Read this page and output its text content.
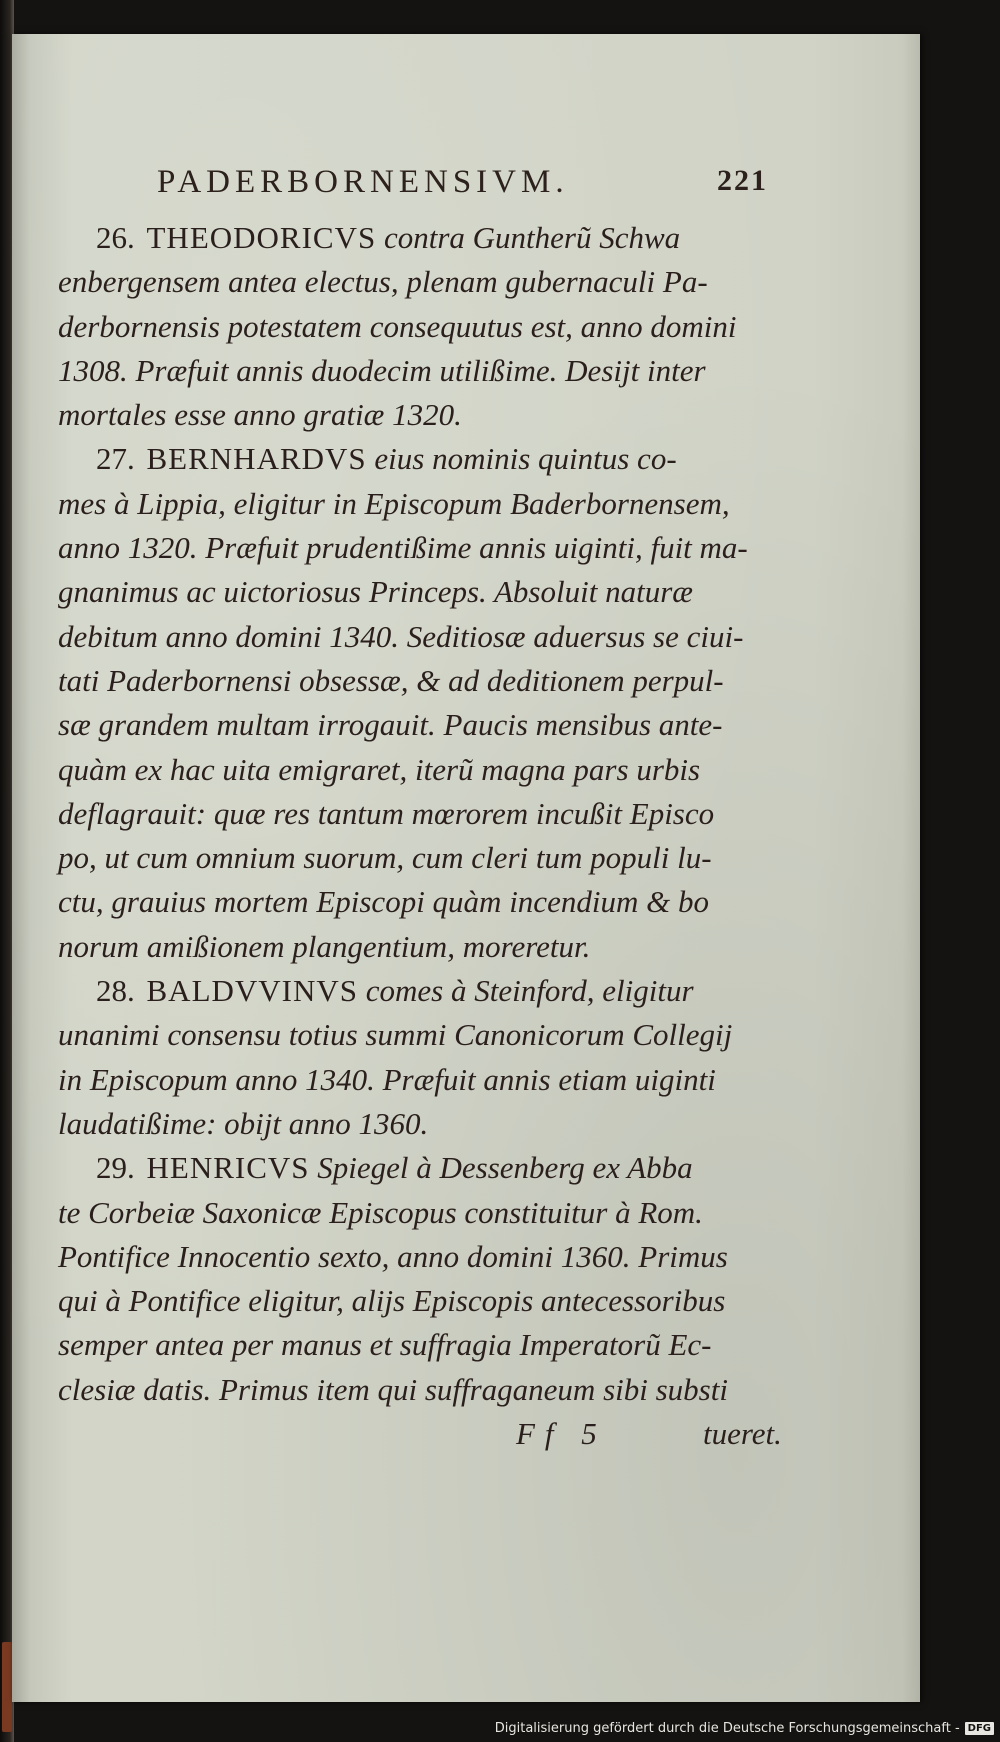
PADERBORNENSIVM.	221
26. THEODORICVS contra Guntherũ Schwa
enbergensem antea electus, plenam gubernaculi Pa-
derbornensis potestatem consequutus est, anno domini
1308. Præfuit annis duodecim utilißime. Desijt inter
mortales esse anno gratiæ 1320.
27. BERNHARDVS eius nominis quintus co-
mes à Lippia, eligitur in Episcopum Baderbornensem,
anno 1320. Præfuit prudentißime annis uiginti, fuit ma-
gnanimus ac uictoriosus Princeps. Absoluit naturæ
debitum anno domini 1340. Seditiosæ aduersus se ciui-
tati Paderbornensi obsessæ, & ad deditionem perpul-
sæ grandem multam irrogauit. Paucis mensibus ante-
quàm ex hac uita emigraret, iterũ magna pars urbis
deflagrauit: quæ res tantum mœrorem incußit Episco
po, ut cum omnium suorum, cum cleri tum populi lu-
ctu, grauius mortem Episcopi quàm incendium & bo
norum amißionem plangentium, moreretur.
28. BALDVVINVS comes à Steinford, eligitur
unanimi consensu totius summi Canonicorum Collegij
in Episcopum anno 1340. Præfuit annis etiam uiginti
laudatißime: obijt anno 1360.
29. HENRICVS Spiegel à Dessenberg ex Abba
te Corbeiæ Saxonicæ Episcopus constituitur à Rom.
Pontifice Innocentio sexto, anno domini 1360. Primus
qui à Pontifice eligitur, alijs Episcopis antecessoribus
semper antea per manus et suffragia Imperatorũ Ec-
clesiæ datis. Primus item qui suffraganeum sibi substi
Ff 5	tueret.
Digitalisierung gefördert durch die Deutsche Forschungsgemeinschaft - DFG
